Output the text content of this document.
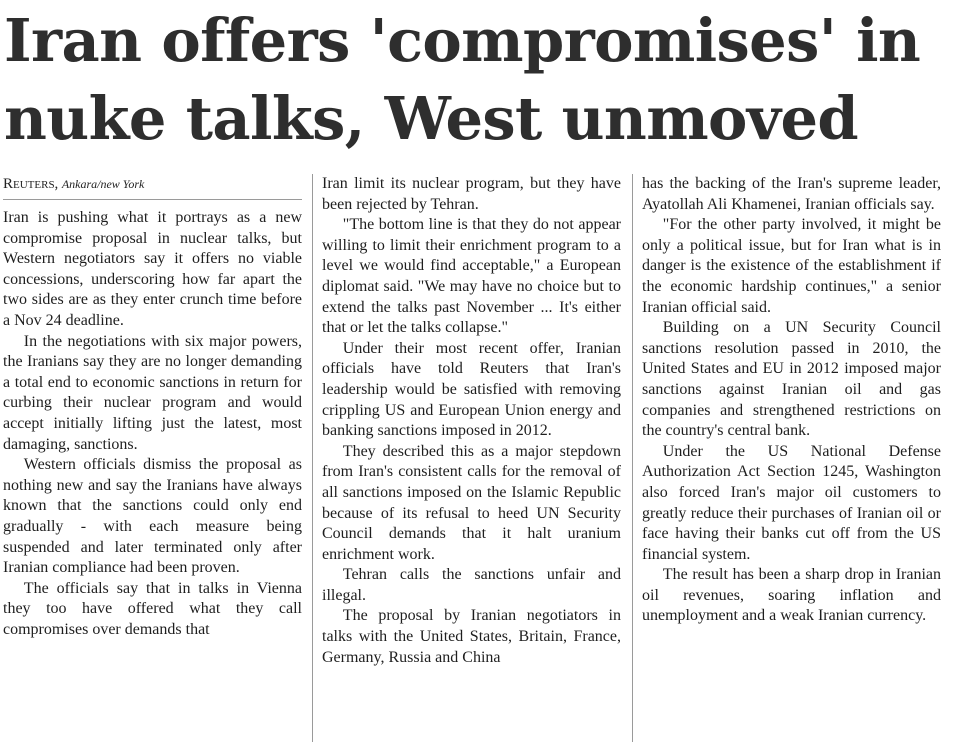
Iran offers 'compromises' in
nuke talks, West unmoved
Reuters, Ankara/new York
Iran is pushing what it portrays as a new compromise proposal in nuclear talks, but Western negotiators say it offers no viable concessions, underscoring how far apart the two sides are as they enter crunch time before a Nov 24 deadline.
In the negotiations with six major powers, the Iranians say they are no longer demanding a total end to economic sanctions in return for curbing their nuclear program and would accept initially lifting just the latest, most damaging, sanctions.
Western officials dismiss the proposal as nothing new and say the Iranians have always known that the sanctions could only end gradually - with each measure being suspended and later terminated only after Iranian compliance had been proven.
The officials say that in talks in Vienna they too have offered what they call compromises over demands that
Iran limit its nuclear program, but they have been rejected by Tehran.
"The bottom line is that they do not appear willing to limit their enrichment program to a level we would find acceptable," a European diplomat said. "We may have no choice but to extend the talks past November ... It's either that or let the talks collapse."
Under their most recent offer, Iranian officials have told Reuters that Iran's leadership would be satisfied with removing crippling US and European Union energy and banking sanctions imposed in 2012.
They described this as a major stepdown from Iran's consistent calls for the removal of all sanctions imposed on the Islamic Republic because of its refusal to heed UN Security Council demands that it halt uranium enrichment work.
Tehran calls the sanctions unfair and illegal.
The proposal by Iranian negotiators in talks with the United States, Britain, France, Germany, Russia and China
has the backing of the Iran's supreme leader, Ayatollah Ali Khamenei, Iranian officials say.
"For the other party involved, it might be only a political issue, but for Iran what is in danger is the existence of the establishment if the economic hardship continues," a senior Iranian official said.
Building on a UN Security Council sanctions resolution passed in 2010, the United States and EU in 2012 imposed major sanctions against Iranian oil and gas companies and strengthened restrictions on the country's central bank.
Under the US National Defense Authorization Act Section 1245, Washington also forced Iran's major oil customers to greatly reduce their purchases of Iranian oil or face having their banks cut off from the US financial system.
The result has been a sharp drop in Iranian oil revenues, soaring inflation and unemployment and a weak Iranian currency.
